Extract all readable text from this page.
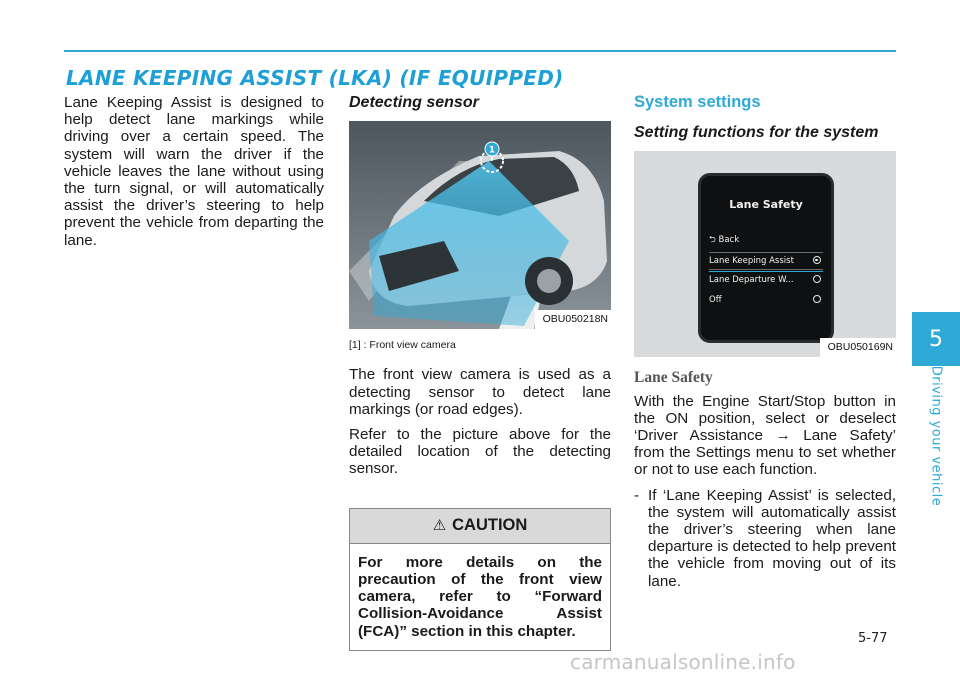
LANE KEEPING ASSIST (LKA) (IF EQUIPPED)

Lane Keeping Assist is designed to help detect lane markings while driving over a certain speed. The system will warn the driver if the vehicle leaves the lane without using the turn signal, or will automatically assist the driver’s steering to help prevent the vehicle from departing the lane.

Detecting sensor
1
OBU050218N
[1] : Front view camera

The front view camera is used as a detecting sensor to detect lane markings (or road edges).

Refer to the picture above for the detailed location of the detecting sensor.

⚠ CAUTION
For more details on the precaution of the front view camera, refer to “Forward Collision-Avoidance Assist (FCA)” section in this chapter.
System settings
Setting functions for the system
Lane Safety
⮌ Back
Lane Keeping Assist
Lane Departure W...
Off
OBU050169N
Lane Safety

With the Engine Start/Stop button in the ON position, select or deselect ‘Driver Assistance → Lane Safety’ from the Settings menu to set whether or not to use each function.

- If ‘Lane Keeping Assist’ is selected, the system will automatically assist the driver’s steering when lane departure is detected to help prevent the vehicle from moving out of its lane.
5
Driving your vehicle
5-77
carmanualsonline.info
